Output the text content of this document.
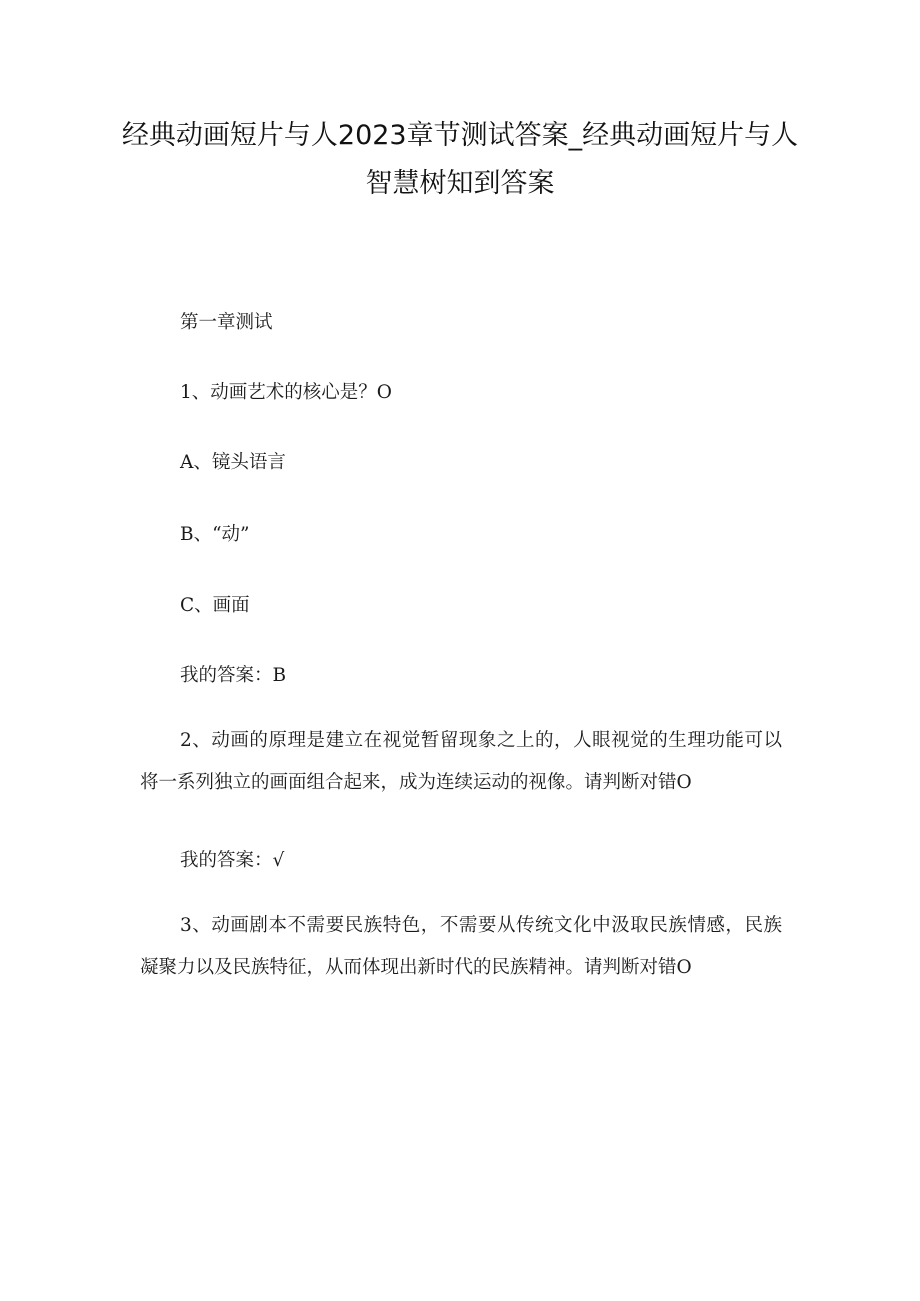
经典动画短片与人2023章节测试答案_经典动画短片与人智慧树知到答案

第一章测试

1、动画艺术的核心是？O

A、镜头语言

B、“动”

C、画面

我的答案：B

2、动画的原理是建立在视觉暂留现象之上的，人眼视觉的生理功能可以将一系列独立的画面组合起来，成为连续运动的视像。请判断对错O

我的答案：√

3、动画剧本不需要民族特色，不需要从传统文化中汲取民族情感，民族凝聚力以及民族特征，从而体现出新时代的民族精神。请判断对错O
